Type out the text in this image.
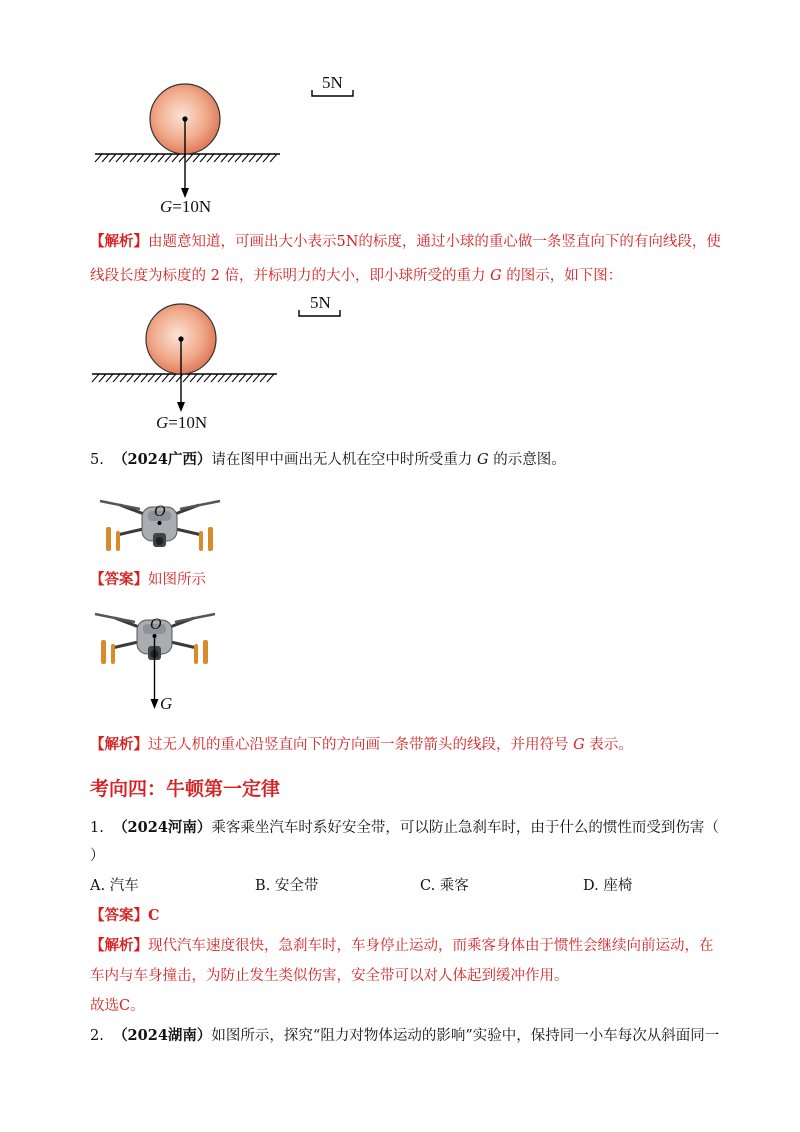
5N
G=10N
【解析】由题意知道，可画出大小表示5N的标度，通过小球的重心做一条竖直向下的有向线段，使
线段长度为标度的 2 倍，并标明力的大小，即小球所受的重力 G 的图示，如下图：
5N
G=10N
5. （2024广西）请在图甲中画出无人机在空中时所受重力 G 的示意图。
O
【答案】如图所示
O
G
【解析】过无人机的重心沿竖直向下的方向画一条带箭头的线段，并用符号 G 表示。
考向四：牛顿第一定律
1. （2024河南）乘客乘坐汽车时系好安全带，可以防止急刹车时，由于什么的惯性而受到伤害（
）
A. 汽车	B. 安全带	C. 乘客	D. 座椅
【答案】C
【解析】现代汽车速度很快，急刹车时，车身停止运动，而乘客身体由于惯性会继续向前运动，在
车内与车身撞击，为防止发生类似伤害，安全带可以对人体起到缓冲作用。
故选C。
2. （2024湖南）如图所示，探究“阻力对物体运动的影响”实验中，保持同一小车每次从斜面同一
